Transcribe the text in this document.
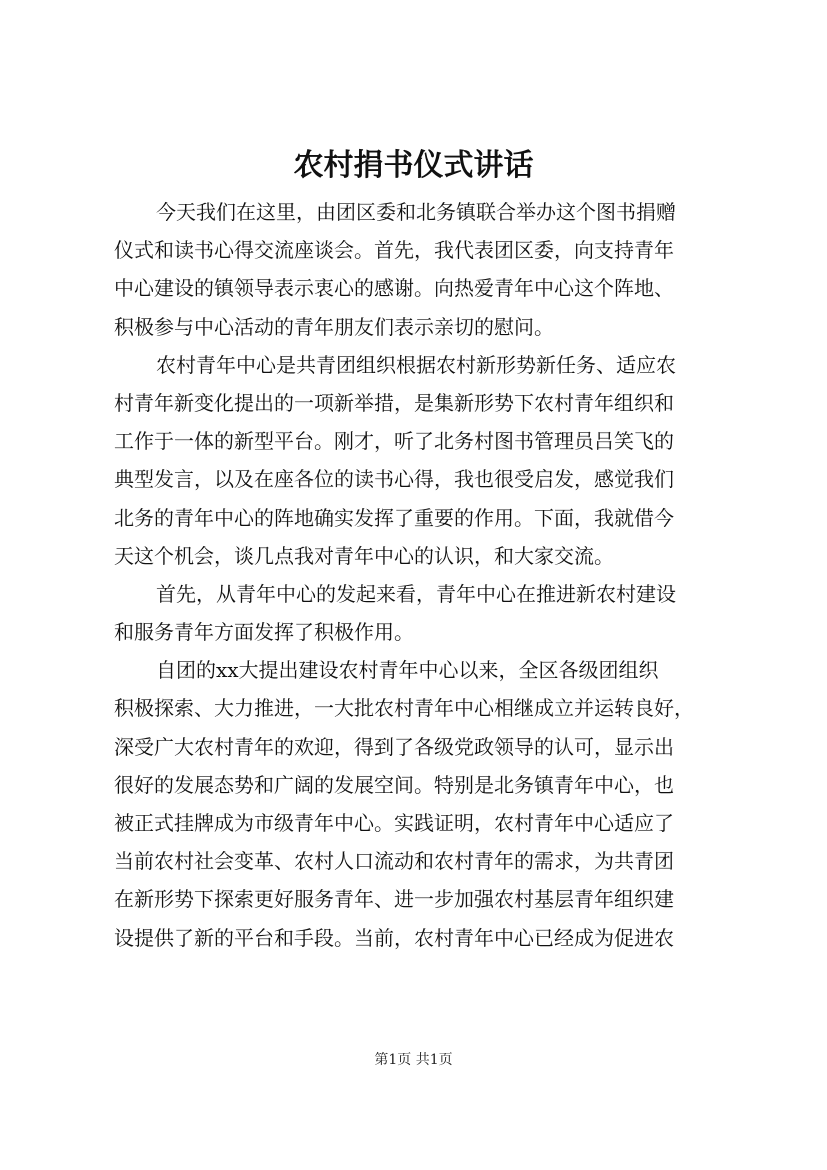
农村捐书仪式讲话
今天我们在这里，由团区委和北务镇联合举办这个图书捐赠
仪式和读书心得交流座谈会。首先，我代表团区委，向支持青年
中心建设的镇领导表示衷心的感谢。向热爱青年中心这个阵地、
积极参与中心活动的青年朋友们表示亲切的慰问。
农村青年中心是共青团组织根据农村新形势新任务、适应农
村青年新变化提出的一项新举措，是集新形势下农村青年组织和
工作于一体的新型平台。刚才，听了北务村图书管理员吕笑飞的
典型发言，以及在座各位的读书心得，我也很受启发，感觉我们
北务的青年中心的阵地确实发挥了重要的作用。下面，我就借今
天这个机会，谈几点我对青年中心的认识，和大家交流。
首先，从青年中心的发起来看，青年中心在推进新农村建设
和服务青年方面发挥了积极作用。
自团的xx大提出建设农村青年中心以来，全区各级团组织
积极探索、大力推进，一大批农村青年中心相继成立并运转良好，
深受广大农村青年的欢迎，得到了各级党政领导的认可，显示出
很好的发展态势和广阔的发展空间。特别是北务镇青年中心，也
被正式挂牌成为市级青年中心。实践证明，农村青年中心适应了
当前农村社会变革、农村人口流动和农村青年的需求，为共青团
在新形势下探索更好服务青年、进一步加强农村基层青年组织建
设提供了新的平台和手段。当前，农村青年中心已经成为促进农
第1页 共1页
